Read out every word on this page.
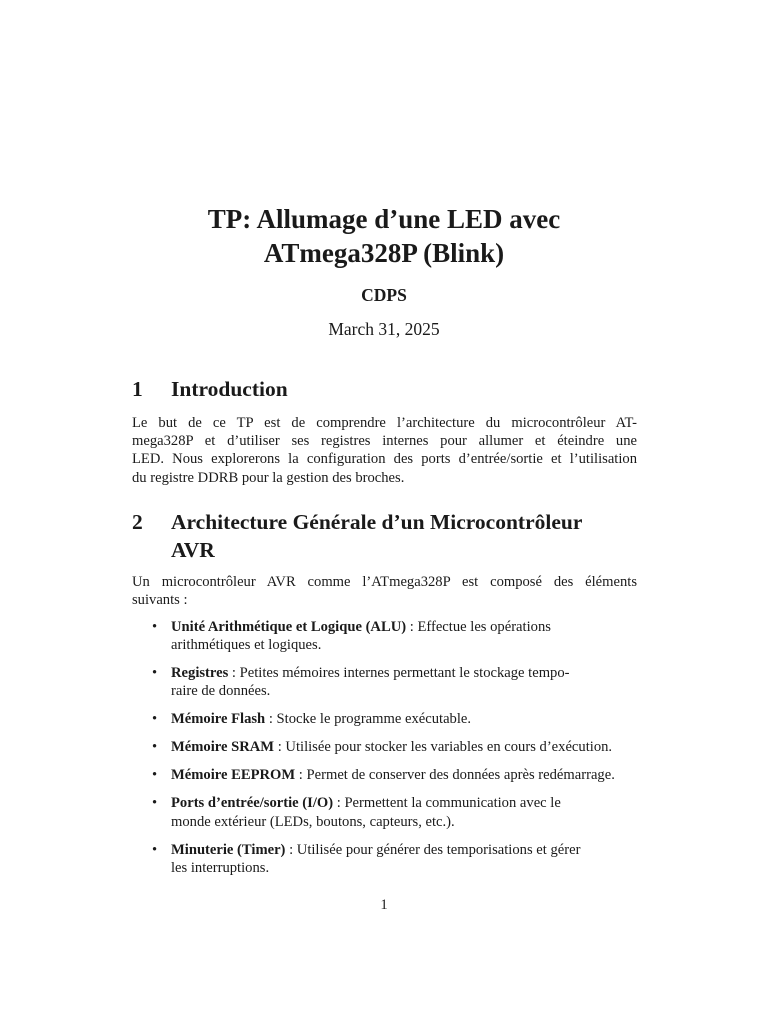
TP: Allumage d’une LED avec
ATmega328P (Blink)
CDPS
March 31, 2025
1 Introduction
Le but de ce TP est de comprendre l’architecture du microcontrôleur AT-
mega328P et d’utiliser ses registres internes pour allumer et éteindre une
LED. Nous explorerons la configuration des ports d’entrée/sortie et l’utilisation
du registre DDRB pour la gestion des broches.
2 Architecture Générale d’un Microcontrôleur
AVR
Un microcontrôleur AVR comme l’ATmega328P est composé des éléments
suivants :
• Unité Arithmétique et Logique (ALU) : Effectue les opérations
arithmétiques et logiques.
• Registres : Petites mémoires internes permettant le stockage tempo-
raire de données.
• Mémoire Flash : Stocke le programme exécutable.
• Mémoire SRAM : Utilisée pour stocker les variables en cours d’exécution.
• Mémoire EEPROM : Permet de conserver des données après redémarrage.
• Ports d’entrée/sortie (I/O) : Permettent la communication avec le
monde extérieur (LEDs, boutons, capteurs, etc.).
• Minuterie (Timer) : Utilisée pour générer des temporisations et gérer
les interruptions.
1
